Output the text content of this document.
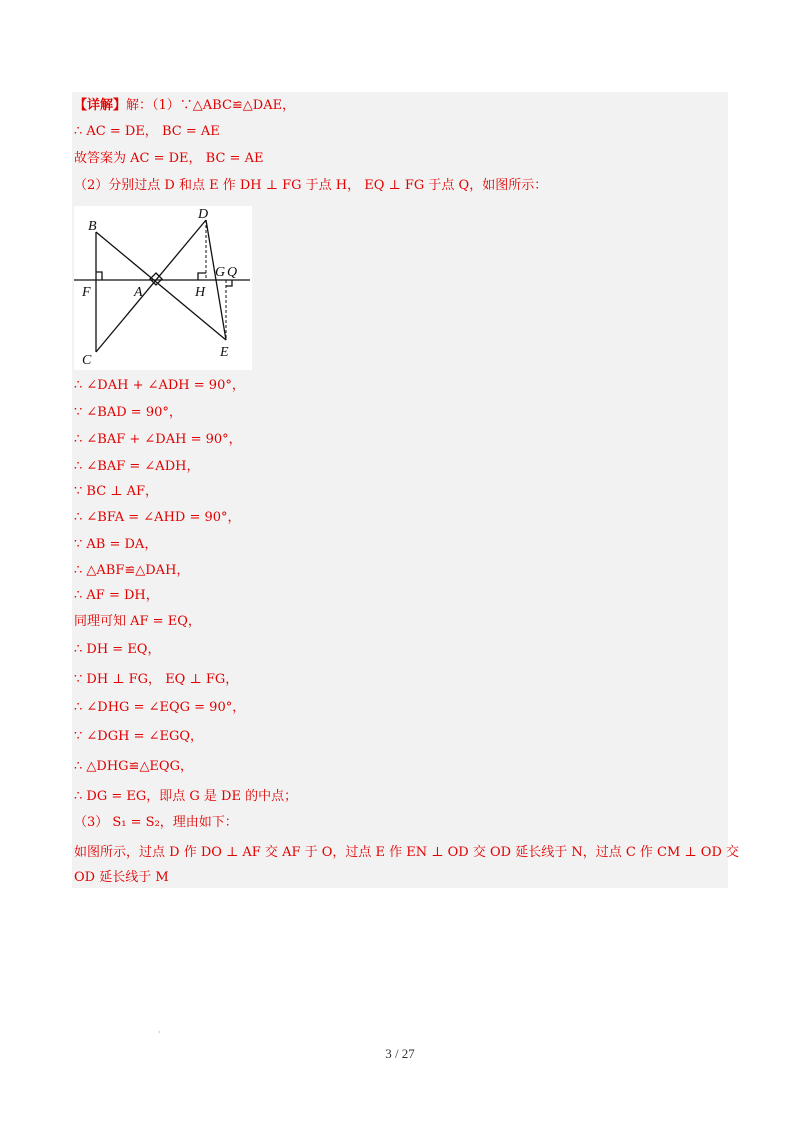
【详解】解：（1）∵△ABC≌△DAE，
∴ AC = DE， BC = AE
故答案为 AC = DE， BC = AE
（2）分别过点 D 和点 E 作 DH ⊥ FG 于点 H， EQ ⊥ FG 于点 Q，如图所示：
B
D
F	A	H
G Q
C
E
∴ ∠DAH + ∠ADH = 90°，
∵ ∠BAD = 90°，
∴ ∠BAF + ∠DAH = 90°，
∴ ∠BAF = ∠ADH，
∵ BC ⊥ AF，
∴ ∠BFA = ∠AHD = 90°，
∵ AB = DA，
∴ △ABF≌△DAH，
∴ AF = DH，
同理可知 AF = EQ，
∴ DH = EQ，
∵ DH ⊥ FG， EQ ⊥ FG，
∴ ∠DHG = ∠EQG = 90°，
∵ ∠DGH = ∠EGQ，
∴ △DHG≌△EQG，
∴ DG = EG，即点 G 是 DE 的中点；
（3） S₁ = S₂，理由如下：
如图所示，过点 D 作 DO ⊥ AF 交 AF 于 O，过点 E 作 EN ⊥ OD 交 OD 延长线于 N，过点 C 作 CM ⊥ OD 交
OD 延长线于 M
·
3 / 27
